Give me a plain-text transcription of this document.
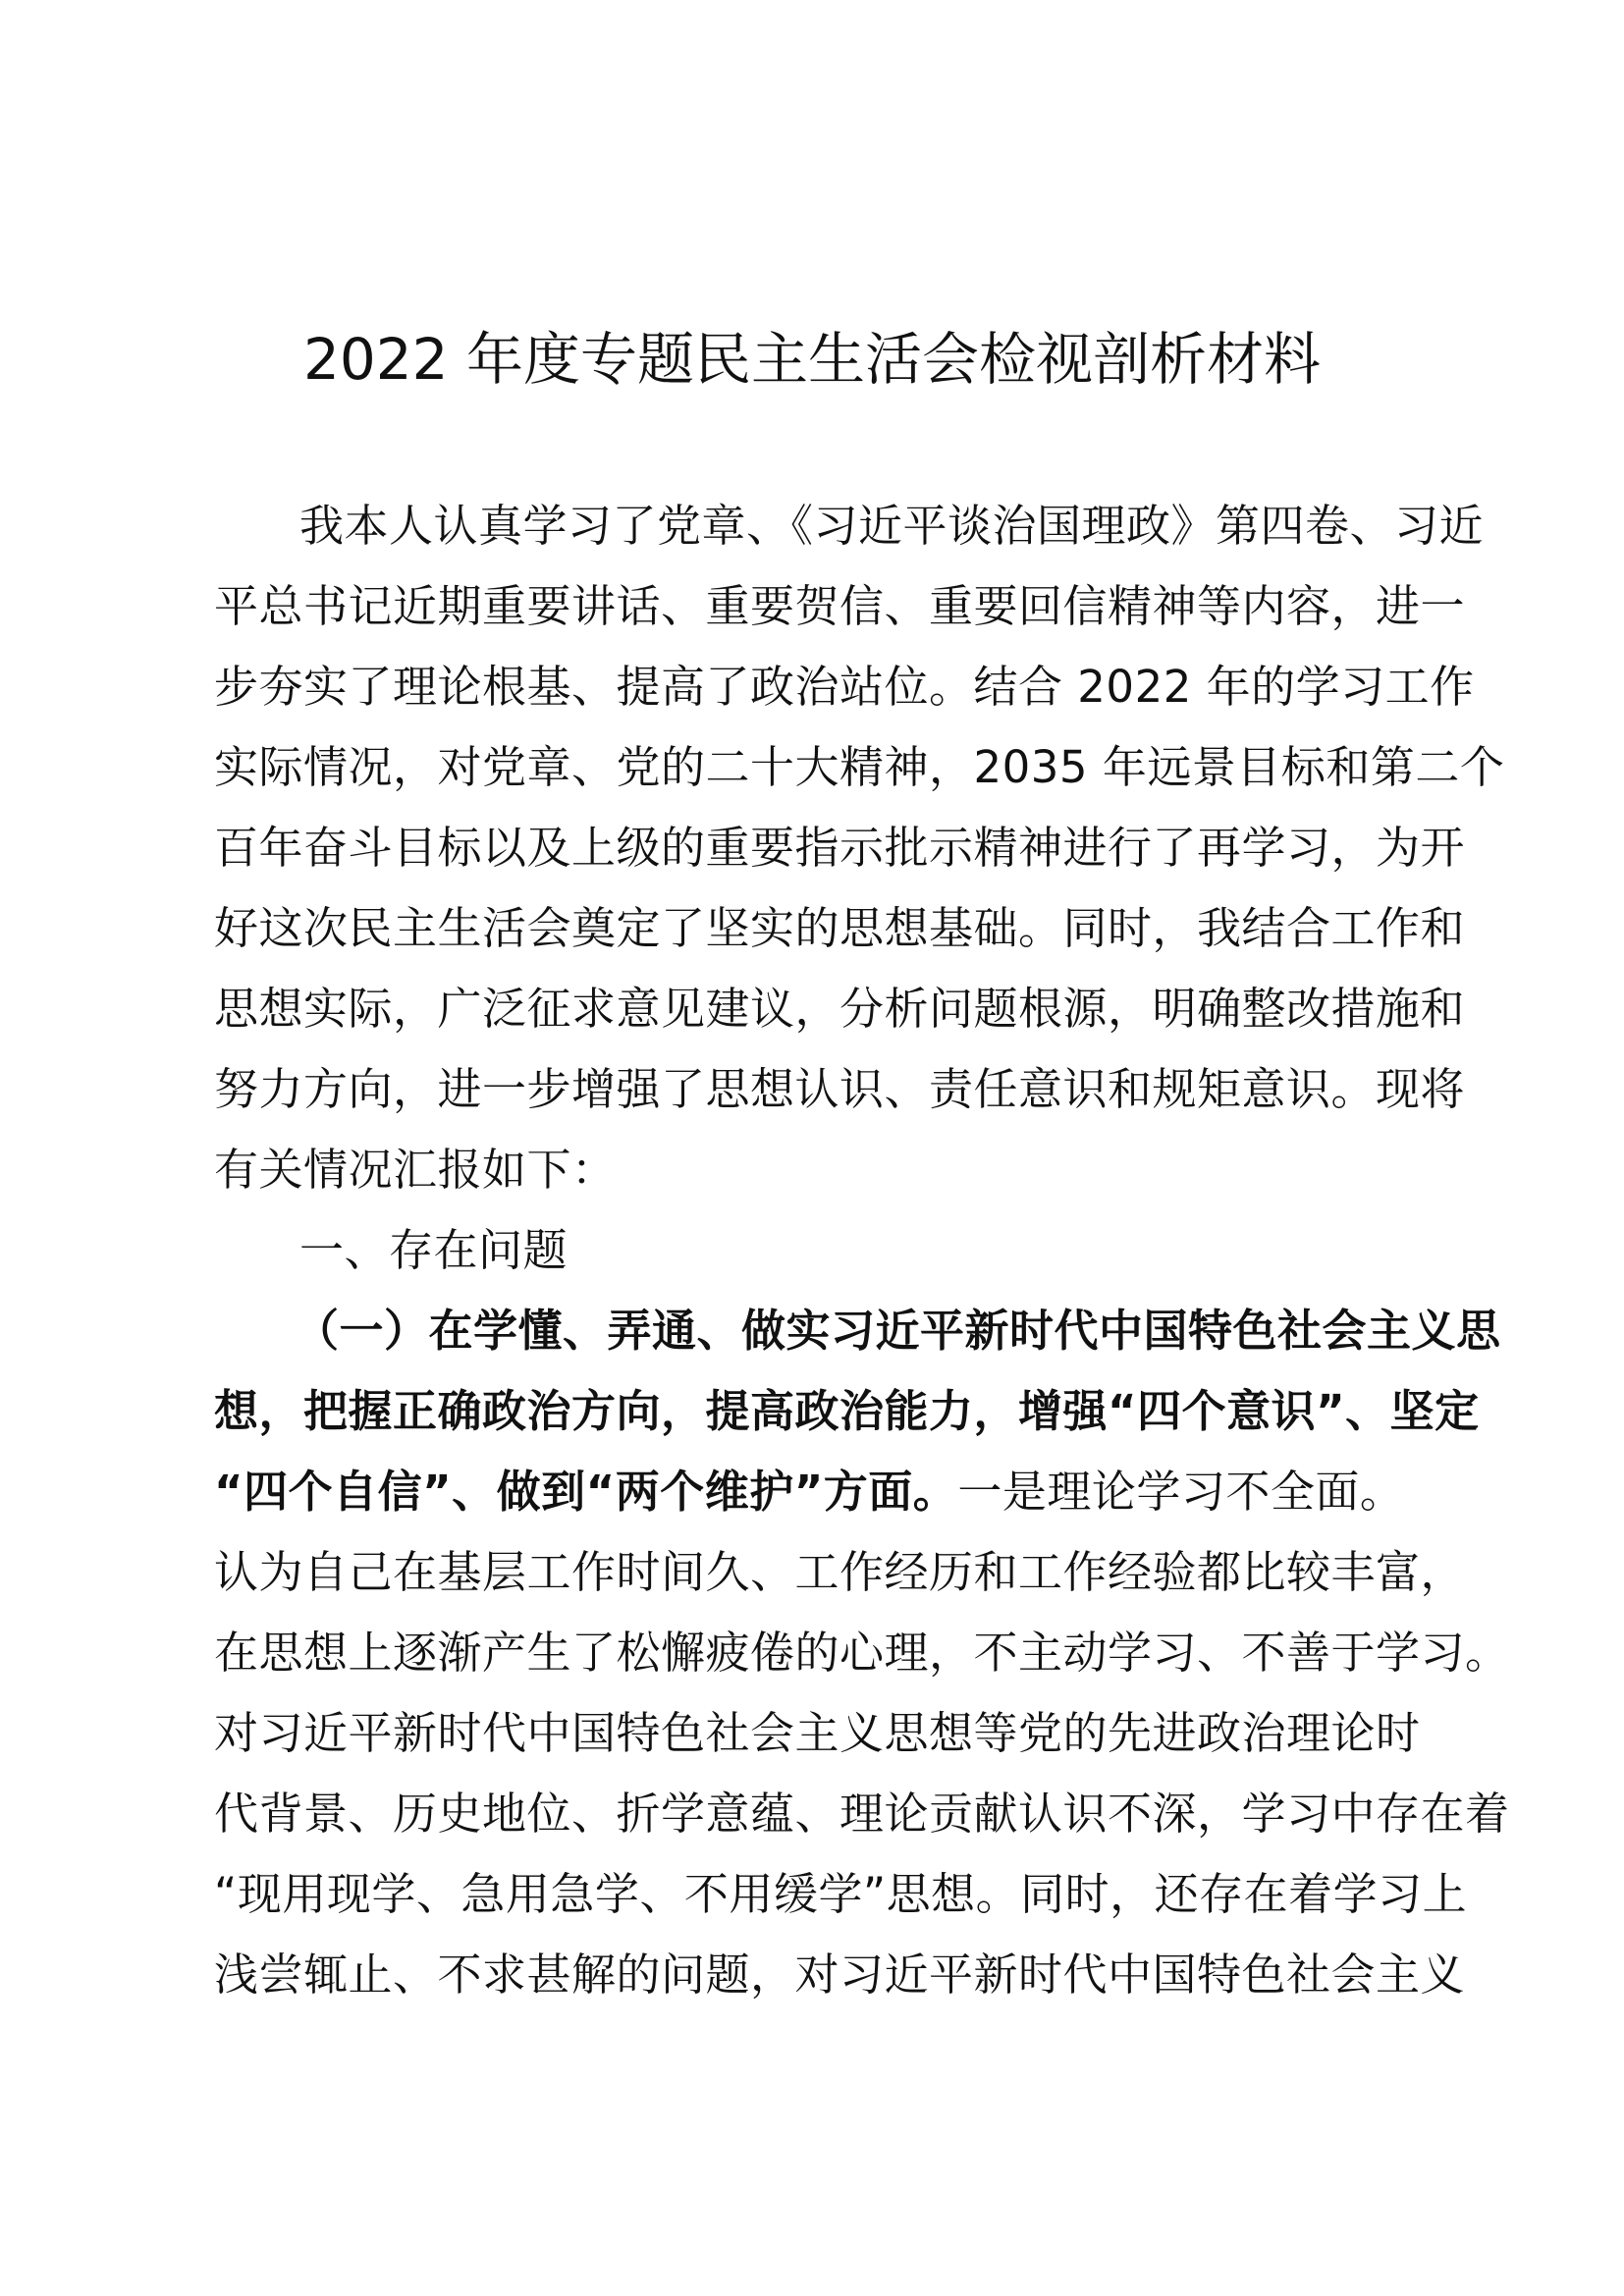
2022 年度专题民主生活会检视剖析材料
我本人认真学习了党章、《习近平谈治国理政》第四卷、习近
平总书记近期重要讲话、重要贺信、重要回信精神等内容，进一
步夯实了理论根基、提高了政治站位。结合 2022 年的学习工作
实际情况，对党章、党的二十大精神，2035 年远景目标和第二个
百年奋斗目标以及上级的重要指示批示精神进行了再学习，为开
好这次民主生活会奠定了坚实的思想基础。同时，我结合工作和
思想实际，广泛征求意见建议，分析问题根源，明确整改措施和
努力方向，进一步增强了思想认识、责任意识和规矩意识。现将
有关情况汇报如下：
一、存在问题
（一）在学懂、弄通、做实习近平新时代中国特色社会主义思
想，把握正确政治方向，提高政治能力，增强“四个意识”、坚定
“四个自信”、做到“两个维护”方面。一是理论学习不全面。
认为自己在基层工作时间久、工作经历和工作经验都比较丰富，
在思想上逐渐产生了松懈疲倦的心理，不主动学习、不善于学习。
对习近平新时代中国特色社会主义思想等党的先进政治理论时
代背景、历史地位、折学意蕴、理论贡献认识不深，学习中存在着
“现用现学、急用急学、不用缓学”思想。同时，还存在着学习上
浅尝辄止、不求甚解的问题，对习近平新时代中国特色社会主义
